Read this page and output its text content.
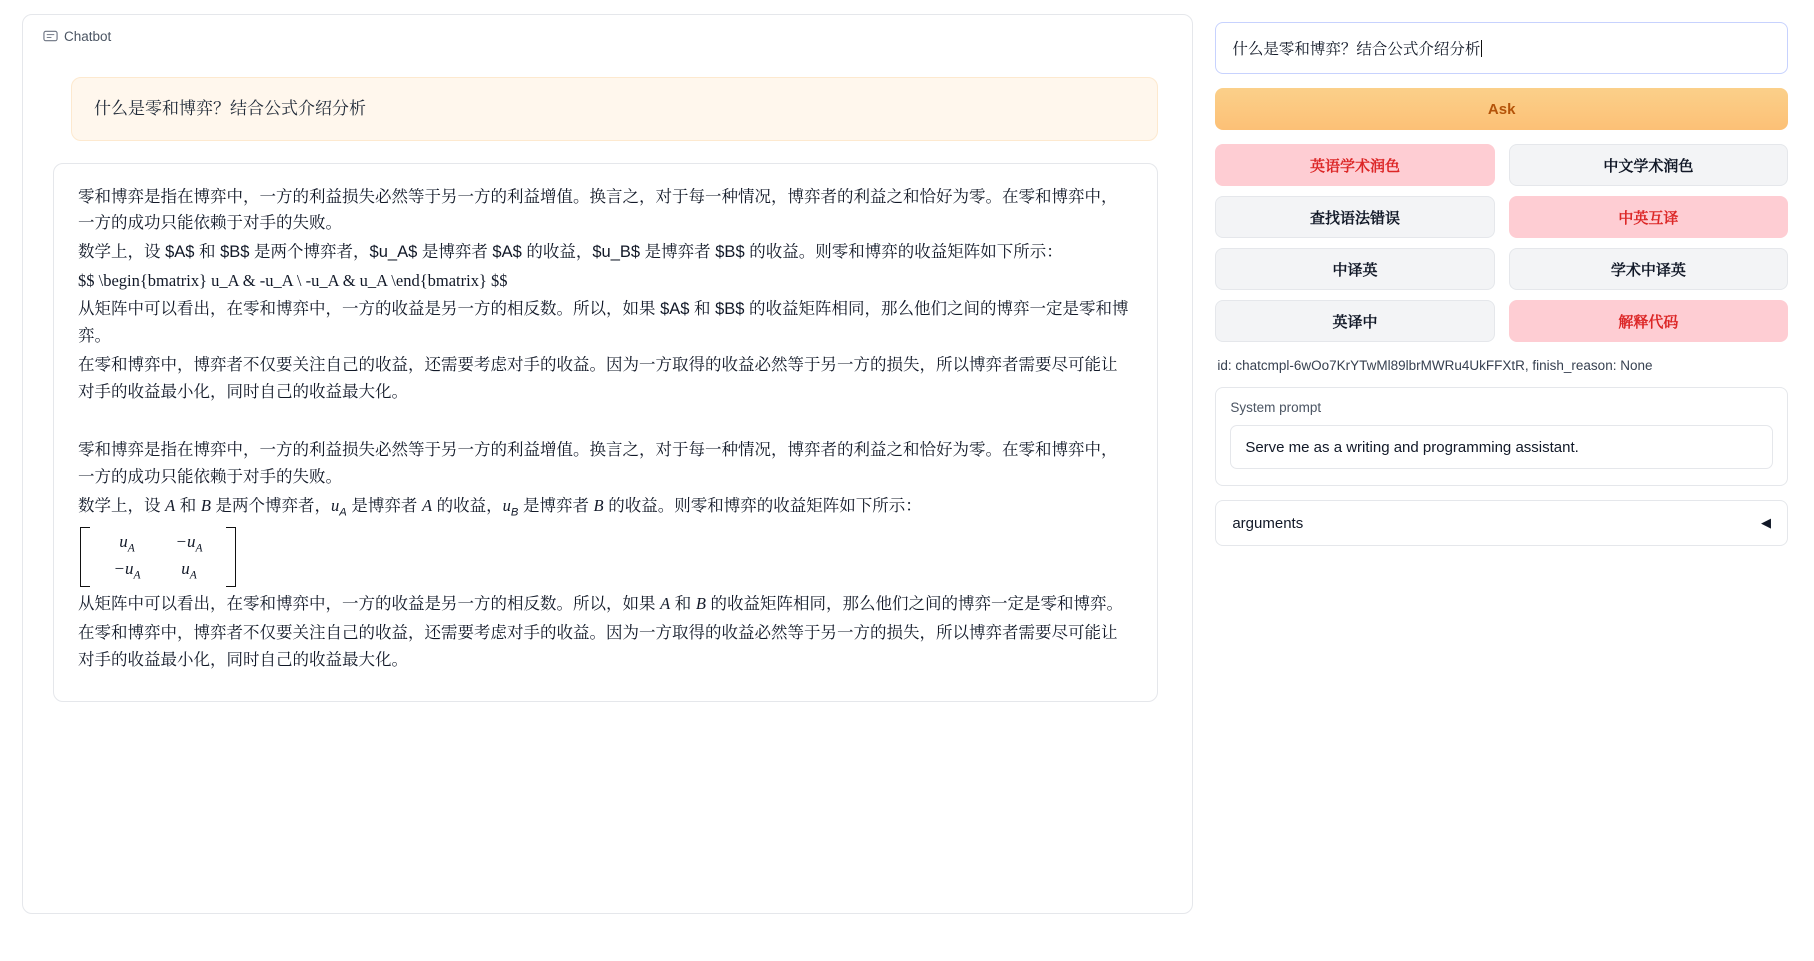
Chatbot
什么是零和博弈？结合公式介绍分析

零和博弈是指在博弈中，一方的利益损失必然等于另一方的利益增值。换言之，对于每一种情况，博弈者的利益之和恰好为零。在零和博弈中，一方的成功只能依赖于对手的失败。

数学上，设 $A$ 和 $B$ 是两个博弈者，$u_A$ 是博弈者 $A$ 的收益，$u_B$ 是博弈者 $B$ 的收益。则零和博弈的收益矩阵如下所示：

$$ \begin{bmatrix} u_A & -u_A \ -u_A & u_A \end{bmatrix} $$

从矩阵中可以看出，在零和博弈中，一方的收益是另一方的相反数。所以，如果 $A$ 和 $B$ 的收益矩阵相同，那么他们之间的博弈一定是零和博弈。

在零和博弈中，博弈者不仅要关注自己的收益，还需要考虑对手的收益。因为一方取得的收益必然等于另一方的损失，所以博弈者需要尽可能让对手的收益最小化，同时自己的收益最大化。

零和博弈是指在博弈中，一方的利益损失必然等于另一方的利益增值。换言之，对于每一种情况，博弈者的利益之和恰好为零。在零和博弈中，一方的成功只能依赖于对手的失败。

数学上，设 A 和 B 是两个博弈者，$u_A$ 是博弈者 A 的收益，$u_B$ 是博弈者 B 的收益。则零和博弈的收益矩阵如下所示：

$u_A$	$-u_A$
$-u_A$	$u_A$

从矩阵中可以看出，在零和博弈中，一方的收益是另一方的相反数。所以，如果 A 和 B 的收益矩阵相同，那么他们之间的博弈一定是零和博弈。

在零和博弈中，博弈者不仅要关注自己的收益，还需要考虑对手的收益。因为一方取得的收益必然等于另一方的损失，所以博弈者需要尽可能让对手的收益最小化，同时自己的收益最大化。

什么是零和博弈？结合公式介绍分析
Ask
英语学术润色	中文学术润色
查找语法错误	中英互译
中译英	学术中译英
英译中	解释代码
id: chatcmpl-6wOo7KrYTwMl89lbrMWRu4UkFFXtR, finish_reason: None
System prompt
Serve me as a writing and programming assistant.
arguments	◀
